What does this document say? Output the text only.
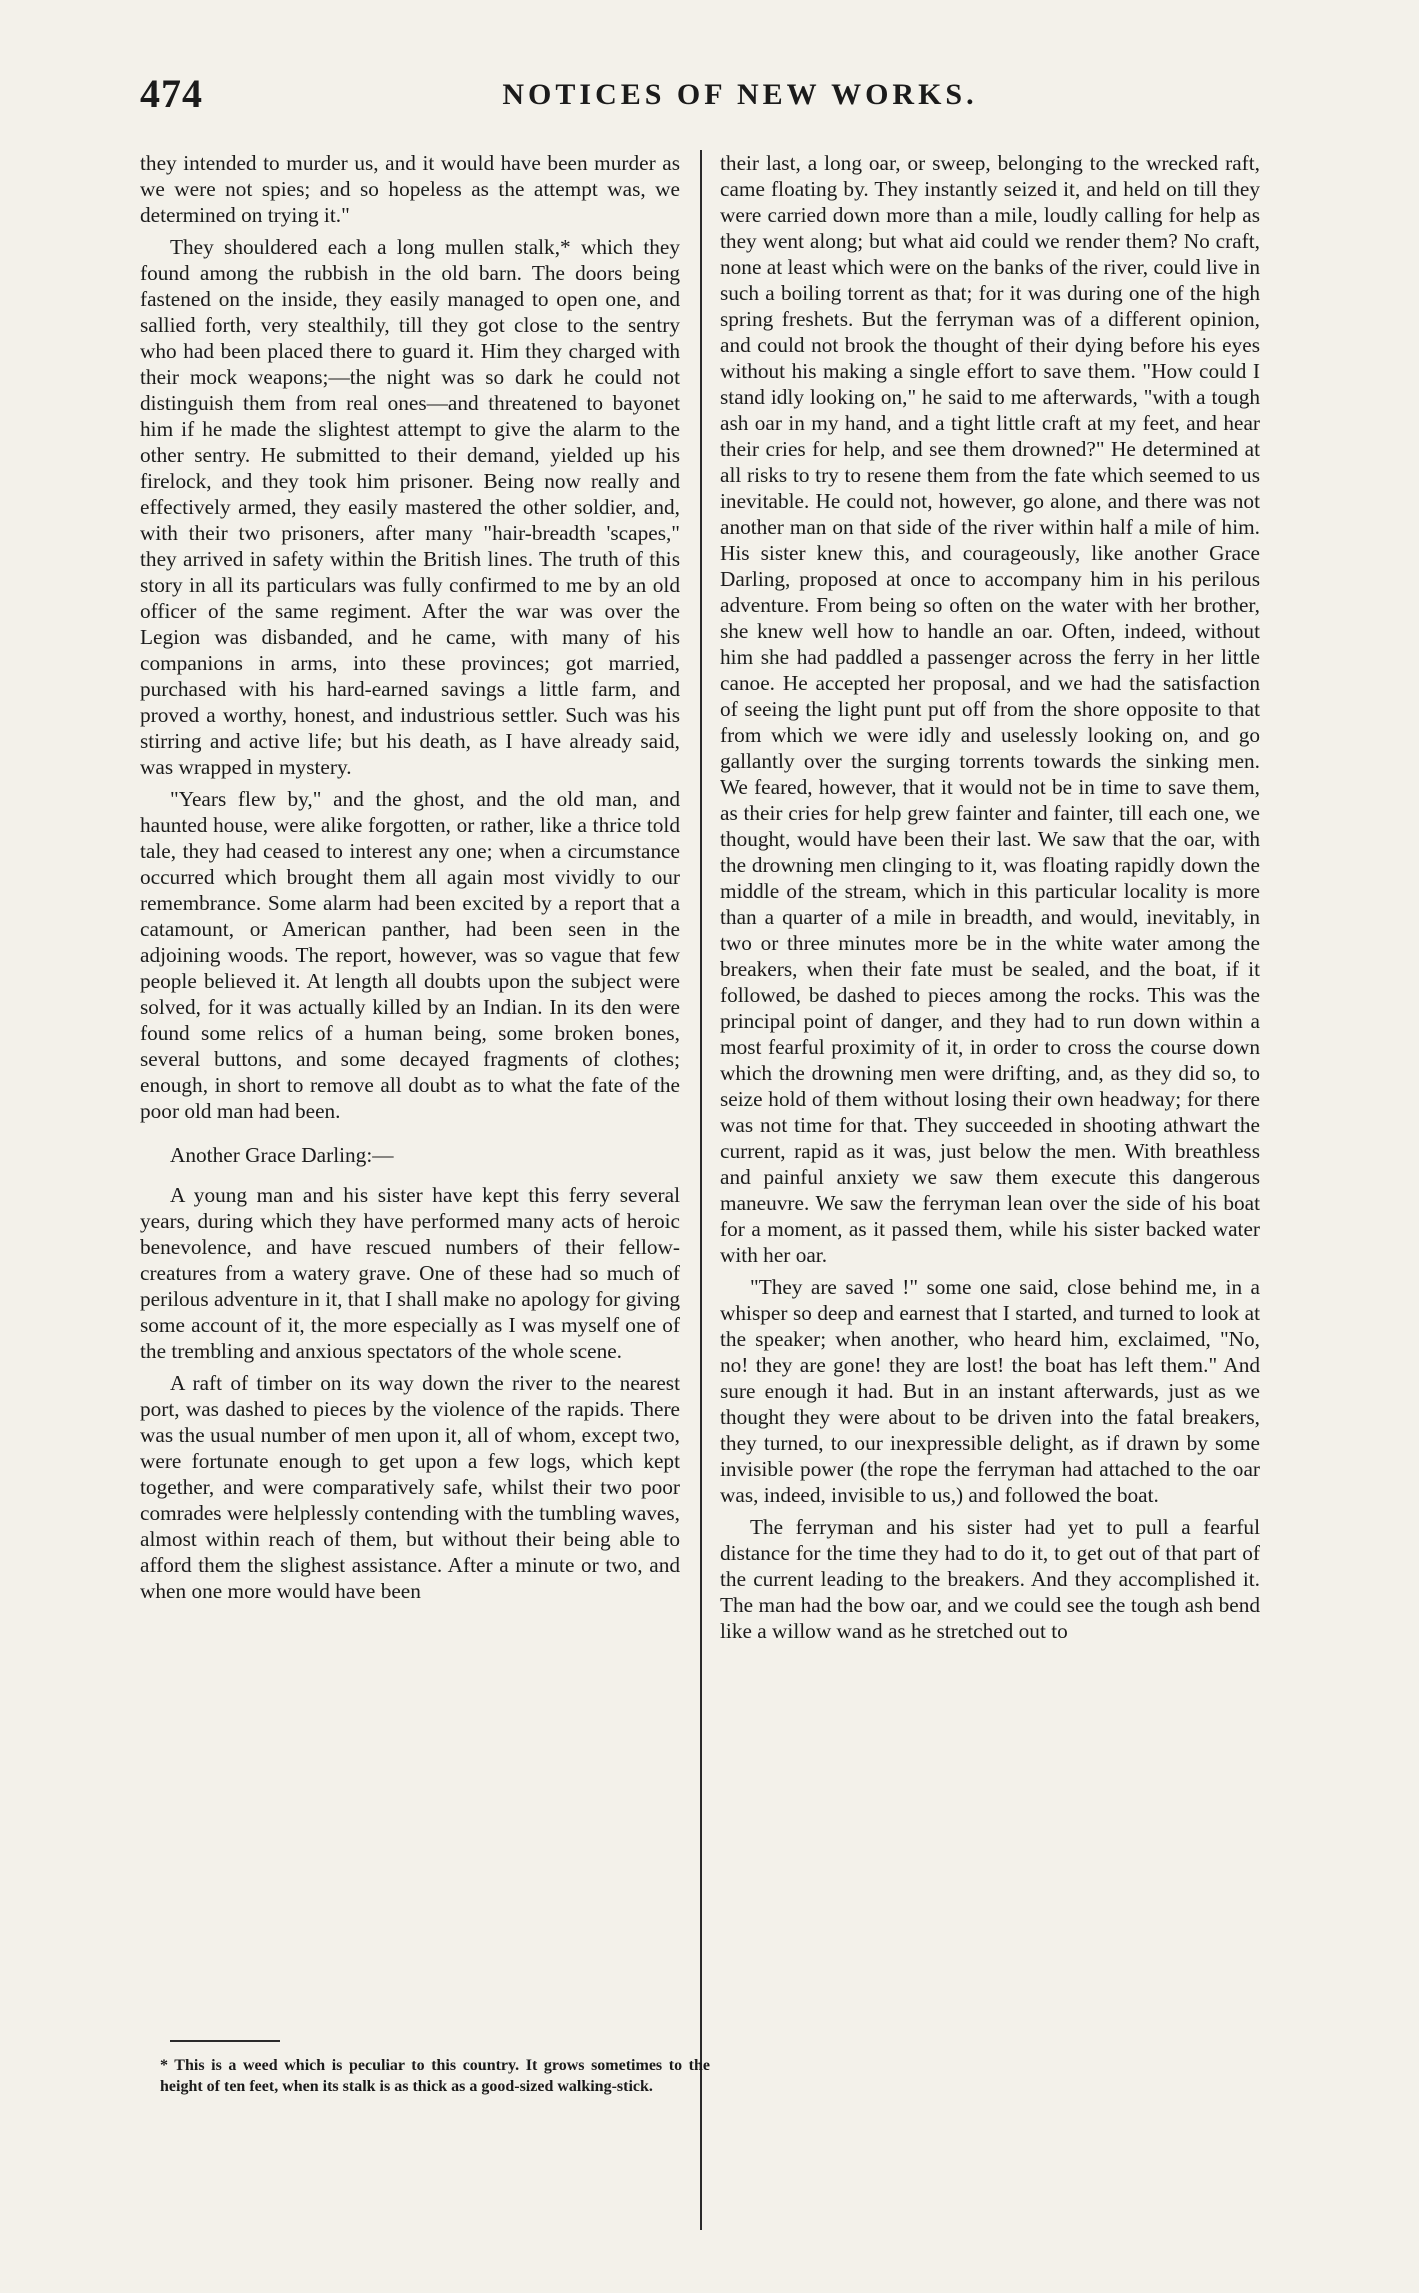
474	NOTICES OF NEW WORKS.

they intended to murder us, and it would have been murder as we were not spies; and so hopeless as the attempt was, we determined on trying it."

They shouldered each a long mullen stalk,* which they found among the rubbish in the old barn. The doors being fastened on the inside, they easily managed to open one, and sallied forth, very stealthily, till they got close to the sentry who had been placed there to guard it. Him they charged with their mock weapons;—the night was so dark he could not distinguish them from real ones—and threatened to bayonet him if he made the slightest attempt to give the alarm to the other sentry. He submitted to their demand, yielded up his firelock, and they took him prisoner. Being now really and effectively armed, they easily mastered the other soldier, and, with their two prisoners, after many "hair-breadth 'scapes," they arrived in safety within the British lines. The truth of this story in all its particulars was fully confirmed to me by an old officer of the same regiment. After the war was over the Legion was disbanded, and he came, with many of his companions in arms, into these provinces; got married, purchased with his hard-earned savings a little farm, and proved a worthy, honest, and industrious settler. Such was his stirring and active life; but his death, as I have already said, was wrapped in mystery.

"Years flew by," and the ghost, and the old man, and haunted house, were alike forgotten, or rather, like a thrice told tale, they had ceased to interest any one; when a circumstance occurred which brought them all again most vividly to our remembrance. Some alarm had been excited by a report that a catamount, or American panther, had been seen in the adjoining woods. The report, however, was so vague that few people believed it. At length all doubts upon the subject were solved, for it was actually killed by an Indian. In its den were found some relics of a human being, some broken bones, several buttons, and some decayed fragments of clothes; enough, in short to remove all doubt as to what the fate of the poor old man had been.

Another Grace Darling:—

A young man and his sister have kept this ferry several years, during which they have performed many acts of heroic benevolence, and have rescued numbers of their fellow-creatures from a watery grave. One of these had so much of perilous adventure in it, that I shall make no apology for giving some account of it, the more especially as I was myself one of the trembling and anxious spectators of the whole scene.

A raft of timber on its way down the river to the nearest port, was dashed to pieces by the violence of the rapids. There was the usual number of men upon it, all of whom, except two, were fortunate enough to get upon a few logs, which kept together, and were comparatively safe, whilst their two poor comrades were helplessly contending with the tumbling waves, almost within reach of them, but without their being able to afford them the slighest assistance. After a minute or two, and when one more would have been

* This is a weed which is peculiar to this country. It grows sometimes to the height of ten feet, when its stalk is as thick as a good-sized walking-stick.

their last, a long oar, or sweep, belonging to the wrecked raft, came floating by. They instantly seized it, and held on till they were carried down more than a mile, loudly calling for help as they went along; but what aid could we render them? No craft, none at least which were on the banks of the river, could live in such a boiling torrent as that; for it was during one of the high spring freshets. But the ferryman was of a different opinion, and could not brook the thought of their dying before his eyes without his making a single effort to save them. "How could I stand idly looking on," he said to me afterwards, "with a tough ash oar in my hand, and a tight little craft at my feet, and hear their cries for help, and see them drowned?" He determined at all risks to try to resene them from the fate which seemed to us inevitable. He could not, however, go alone, and there was not another man on that side of the river within half a mile of him. His sister knew this, and courageously, like another Grace Darling, proposed at once to accompany him in his perilous adventure. From being so often on the water with her brother, she knew well how to handle an oar. Often, indeed, without him she had paddled a passenger across the ferry in her little canoe. He accepted her proposal, and we had the satisfaction of seeing the light punt put off from the shore opposite to that from which we were idly and uselessly looking on, and go gallantly over the surging torrents towards the sinking men. We feared, however, that it would not be in time to save them, as their cries for help grew fainter and fainter, till each one, we thought, would have been their last. We saw that the oar, with the drowning men clinging to it, was floating rapidly down the middle of the stream, which in this particular locality is more than a quarter of a mile in breadth, and would, inevitably, in two or three minutes more be in the white water among the breakers, when their fate must be sealed, and the boat, if it followed, be dashed to pieces among the rocks. This was the principal point of danger, and they had to run down within a most fearful proximity of it, in order to cross the course down which the drowning men were drifting, and, as they did so, to seize hold of them without losing their own headway; for there was not time for that. They succeeded in shooting athwart the current, rapid as it was, just below the men. With breathless and painful anxiety we saw them execute this dangerous maneuvre. We saw the ferryman lean over the side of his boat for a moment, as it passed them, while his sister backed water with her oar.

"They are saved !" some one said, close behind me, in a whisper so deep and earnest that I started, and turned to look at the speaker; when another, who heard him, exclaimed, "No, no! they are gone! they are lost! the boat has left them." And sure enough it had. But in an instant afterwards, just as we thought they were about to be driven into the fatal breakers, they turned, to our inexpressible delight, as if drawn by some invisible power (the rope the ferryman had attached to the oar was, indeed, invisible to us,) and followed the boat.

The ferryman and his sister had yet to pull a fearful distance for the time they had to do it, to get out of that part of the current leading to the breakers. And they accomplished it. The man had the bow oar, and we could see the tough ash bend like a willow wand as he stretched out to
